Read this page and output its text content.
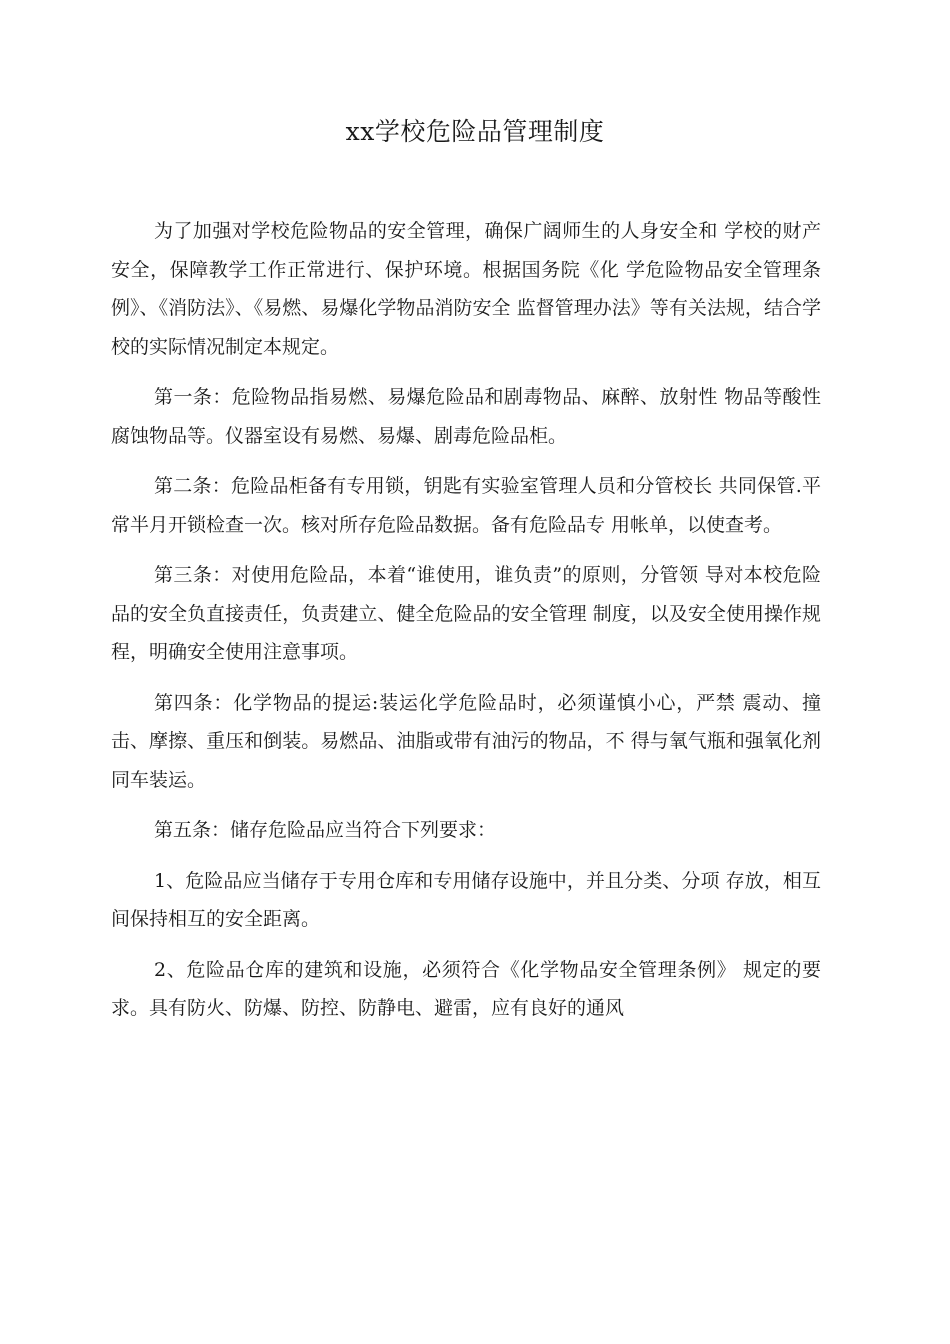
xx学校危险品管理制度

为了加强对学校危险物品的安全管理，确保广阔师生的人身安全和 学校的财产安全，保障教学工作正常进行、保护环境。根据国务院《化 学危险物品安全管理条例》、《消防法》、《易燃、易爆化学物品消防安全 监督管理办法》等有关法规，结合学校的实际情况制定本规定。

第一条：危险物品指易燃、易爆危险品和剧毒物品、麻醉、放射性 物品等酸性腐蚀物品等。仪器室设有易燃、易爆、剧毒危险品柜。

第二条：危险品柜备有专用锁，钥匙有实验室管理人员和分管校长 共同保管.平常半月开锁检查一次。核对所存危险品数据。备有危险品专 用帐单，以使查考。

第三条：对使用危险品，本着“谁使用，谁负责”的原则，分管领 导对本校危险品的安全负直接责任，负责建立、健全危险品的安全管理 制度，以及安全使用操作规程，明确安全使用注意事项。

第四条：化学物品的提运:装运化学危险品时，必须谨慎小心，严禁 震动、撞击、摩擦、重压和倒装。易燃品、油脂或带有油污的物品，不 得与氧气瓶和强氧化剂同车装运。

第五条：储存危险品应当符合下列要求：

1、危险品应当储存于专用仓库和专用储存设施中，并且分类、分项 存放，相互间保持相互的安全距离。

2、危险品仓库的建筑和设施，必须符合《化学物品安全管理条例》 规定的要求。具有防火、防爆、防控、防静电、避雷，应有良好的通风
